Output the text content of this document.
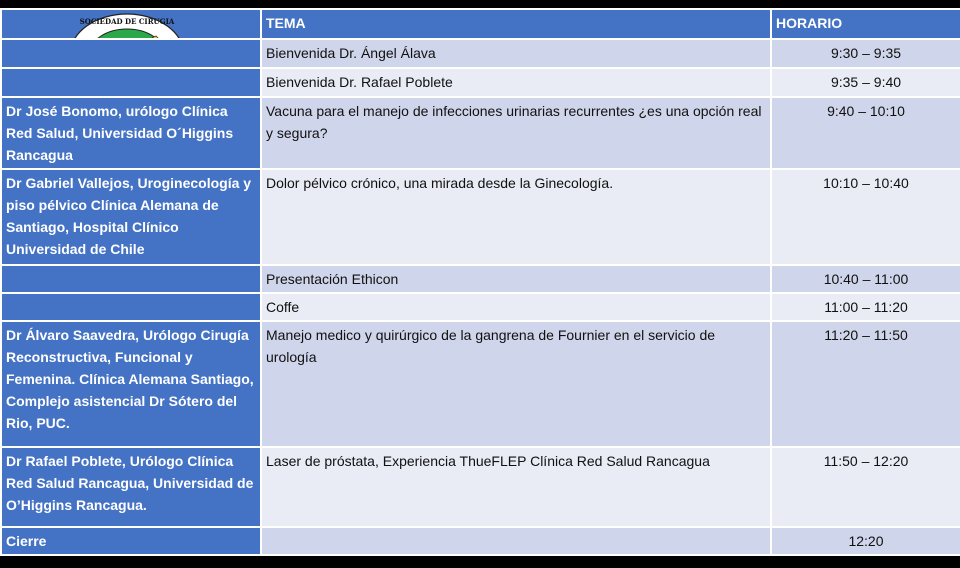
SOCIEDAD DE CIRUGIA	TEMA	HORARIO
	Bienvenida Dr. Ángel Álava	9:30 – 9:35
	Bienvenida Dr. Rafael Poblete	9:35 – 9:40
Dr José Bonomo, urólogo Clínica Red Salud, Universidad O´Higgins Rancagua	Vacuna para el manejo de infecciones urinarias recurrentes ¿es una opción real y segura?	9:40 – 10:10
Dr Gabriel Vallejos, Uroginecología y piso pélvico Clínica Alemana de Santiago, Hospital Clínico Universidad de Chile	Dolor pélvico crónico, una mirada desde la Ginecología.	10:10 – 10:40
	Presentación Ethicon	10:40 – 11:00
	Coffe	11:00 – 11:20
Dr Álvaro Saavedra, Urólogo Cirugía Reconstructiva, Funcional y Femenina. Clínica Alemana Santiago, Complejo asistencial Dr Sótero del Rio, PUC.	Manejo medico y quirúrgico de la gangrena de Fournier en el servicio de urología	11:20 – 11:50
Dr Rafael Poblete, Urólogo Clínica Red Salud Rancagua, Universidad de O’Higgins Rancagua.	Laser de próstata, Experiencia ThueFLEP Clínica Red Salud Rancagua	11:50 – 12:20
Cierre		12:20
